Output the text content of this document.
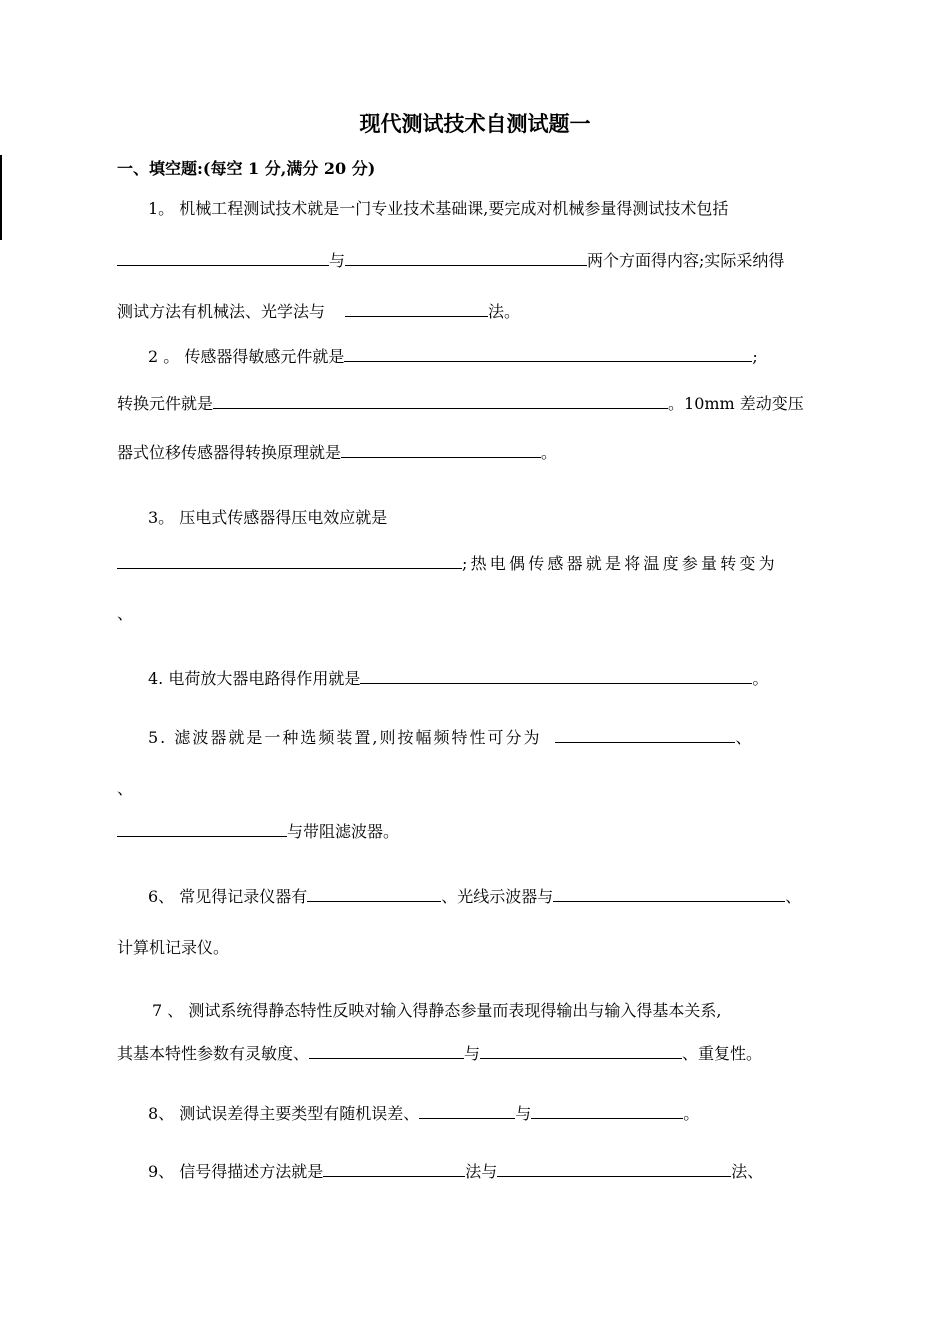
现代测试技术自测试题一
一、填空题:(每空 1 分,满分 20 分)
1。 机械工程测试技术就是一门专业技术基础课,要完成对机械参量得测试技术包括
与	两个方面得内容;实际采纳得
测试方法有机械法、光学法与	法。
2 。 传感器得敏感元件就是	;
转换元件就是	。10mm 差动变压
器式位移传感器得转换原理就是	。
3。 压电式传感器得压电效应就是
;热电偶传感器就是将温度参量转变为
、
4. 电荷放大器电路得作用就是	。
5. 滤波器就是一种选频装置,则按幅频特性可分为	、
、
与带阻滤波器。
6、 常见得记录仪器有	、光线示波器与	、
计算机记录仪。
7 、 测试系统得静态特性反映对输入得静态参量而表现得输出与输入得基本关系,
其基本特性参数有灵敏度、	与	、重复性。
8、 测试误差得主要类型有随机误差、	与	。
9、 信号得描述方法就是	法与	法、
